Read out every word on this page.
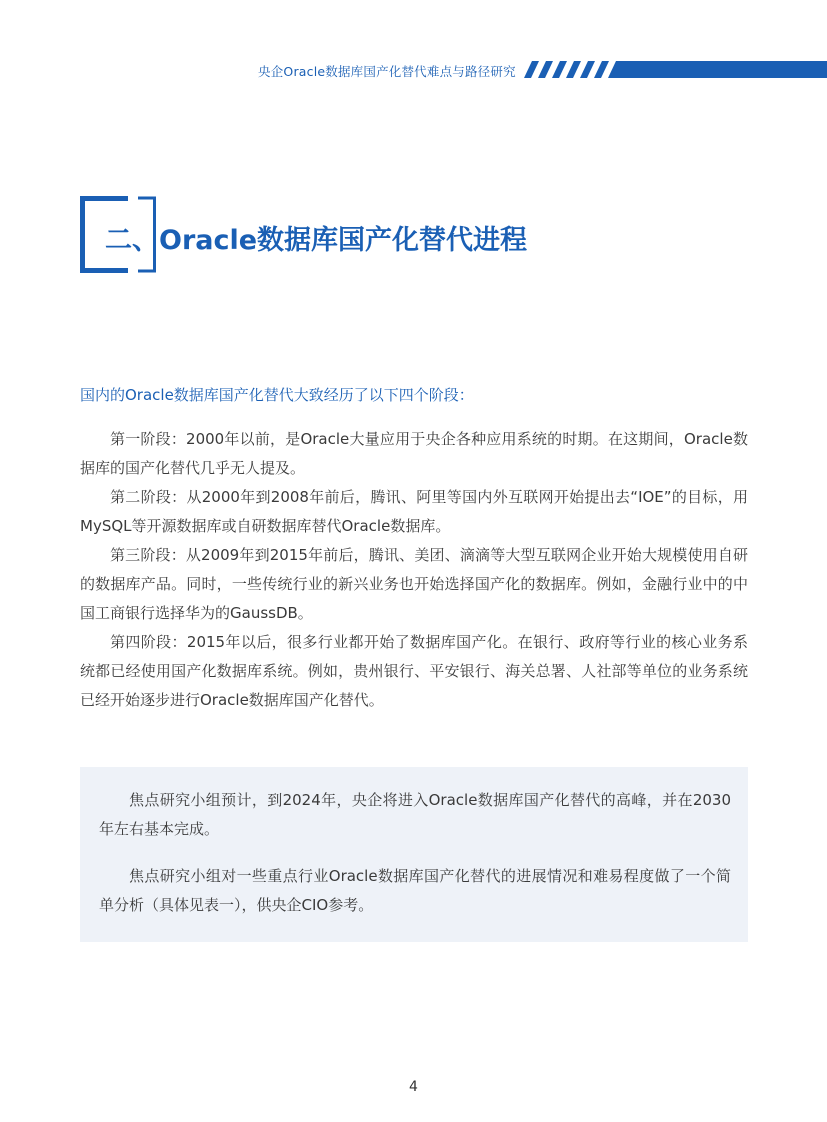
央企Oracle数据库国产化替代难点与路径研究
二、Oracle数据库国产化替代进程
国内的Oracle数据库国产化替代大致经历了以下四个阶段：

第一阶段：2000年以前，是Oracle大量应用于央企各种应用系统的时期。在这期间，Oracle数据库的国产化替代几乎无人提及。

第二阶段：从2000年到2008年前后，腾讯、阿里等国内外互联网开始提出去“IOE”的目标，用MySQL等开源数据库或自研数据库替代Oracle数据库。

第三阶段：从2009年到2015年前后，腾讯、美团、滴滴等大型互联网企业开始大规模使用自研的数据库产品。同时，一些传统行业的新兴业务也开始选择国产化的数据库。例如，金融行业中的中国工商银行选择华为的GaussDB。

第四阶段：2015年以后，很多行业都开始了数据库国产化。在银行、政府等行业的核心业务系统都已经使用国产化数据库系统。例如，贵州银行、平安银行、海关总署、人社部等单位的业务系统已经开始逐步进行Oracle数据库国产化替代。

焦点研究小组预计，到2024年，央企将进入Oracle数据库国产化替代的高峰，并在2030年左右基本完成。

焦点研究小组对一些重点行业Oracle数据库国产化替代的进展情况和难易程度做了一个简单分析（具体见表一），供央企CIO参考。

4
